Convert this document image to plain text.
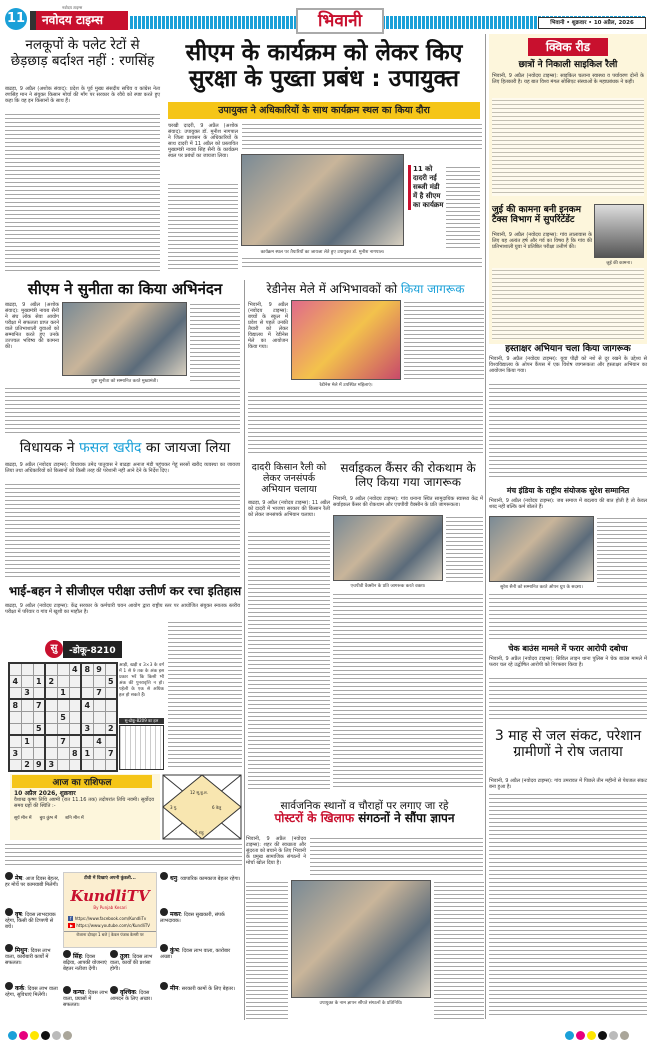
11
नवोदय टाइम्स
नवोदय टाइम्स	भिवानी	भिवानी • शुक्रवार • 10 अप्रैल, 2026
नलकूपों के पलेट रेटों से छेड़छाड़ बर्दाश्त नहीं : रणसिंह
बाढड़ा, 9 अप्रैल (अशोक संवाद): प्रदेश के पूर्व मुख्य संसदीय सचिव व कांग्रेस नेता रणसिंह मान ने संयुक्त किसान मोर्चा की माँग पर सरकार के रवैये को स्पष्ट करते हुए कहा कि वह इन किसानों के साथ हैं।
सीएम के कार्यक्रम को लेकर किए सुरक्षा के पुख्ता प्रबंध : उपायुक्त
उपायुक्त ने अधिकारियों के साथ कार्यक्रम स्थल का किया दौरा
चरखी दादरी, 9 अप्रैल (अशोक संवाद): उपायुक्त डॉ. मुनीश नागपाल ने जिला प्रशासन के अधिकारियों के साथ दादरी में 11 अप्रैल को प्रस्तावित मुख्यमंत्री नायब सिंह सैनी के कार्यक्रम स्थल पर प्रबंधों का जायजा लिया।
कार्यक्रम स्थल पर तैयारियों का जायजा लेते हुए उपायुक्त डॉ. मुनीश नागपाल।
11 को दादरी नई सब्जी मंडी में है सीएम का कार्यक्रम
क्विक रीड
छात्रों ने निकाली साइकिल रैली
भिवानी, 9 अप्रैल (नवोदय टाइम्स): साइकिल चलाना स्वास्थ्य व पर्यावरण दोनों के लिए हितकारी है। यह बात विश्व मंगल सोसिएट संस्थाओं के महाप्रबंधक ने कही।
जुई की कामना बनी इनकम टैक्स विभाग में सुपरिंटेंडेंट
जुई की कामना।
भिवानी, 9 अप्रैल (नवोदय टाइम्स): गांव लालावास के लिए यह अत्यंत हर्ष और गर्व का विषय है कि गांव की प्रतिभाशाली युवा ने प्रतिष्ठित परीक्षा उत्तीर्ण की।
हस्ताक्षर अभियान चला किया जागरूक
भिवानी, 9 अप्रैल (नवोदय टाइम्स): युवा पीढ़ी को नशे से दूर रखने के उद्देश्य से विश्वविद्यालय के ओपन कैंपस में एक विशेष जागरूकता और हस्ताक्षर अभियान का आयोजन किया गया।
मंच इंडिया के राष्ट्रीय संयोजक सुरेश सम्मानित
भिवानी, 9 अप्रैल (नवोदय टाइम्स): जब समाज में बदलाव की बात होती है तो केवल शब्द नहीं बल्कि कर्म बोलते हैं।
सुरेश सैनी को सम्मानित करते ओपन ग्रुप के सदस्य।
चेक बाउंस मामले में फरार आरोपी दबोचा
भिवानी, 9 अप्रैल (नवोदय टाइम्स): सिविल लाइन थाना पुलिस ने चेक बाउंस मामले में फरार चल रहे उद्घोषित आरोपी को गिरफ्तार किया है।
3 माह से जल संकट, परेशान ग्रामीणों ने रोष जताया
भिवानी, 9 अप्रैल (नवोदय टाइम्स): गांव उमरावत में पिछले तीन महीनों से पेयजल संकट बना हुआ है।
सीएम ने सुनीता का किया अभिनंदन
बाढड़ा, 9 अप्रैल (अशोक संवाद): मुख्यमंत्री नायब सैनी ने संघ लोक सेवा आयोग परीक्षा में सफलता प्राप्त करने वाले प्रतिभाशाली युवाओं को सम्मानित करते हुए उनके उज्ज्वल भविष्य की कामना की।
युवा सुनीता को सम्मानित करते मुख्यमंत्री।
रेडीनेस मेले में अभिभावकों को किया जागरूक
भिवानी, 9 अप्रैल (नवोदय टाइम्स): बच्चों के स्कूल में प्रवेश से पहले उनकी तैयारी को लेकर विद्यालय में रेडीनेस मेले का आयोजन किया गया।
रेडीनेस मेले में उपस्थित महिलाएं।
विधायक ने फसल खरीद का जायजा लिया
बाढड़ा, 9 अप्रैल (नवोदय टाइम्स): विधायक उमेद पातुवास ने बाढड़ा अनाज मंडी पहुंचकर गेहूं सरसों खरीद व्यवस्था का जायजा लिया तथा अधिकारियों को किसानों को किसी तरह की परेशानी नहीं आने देने के निर्देश दिए।	दादरी किसान रैली को लेकर जनसंपर्क अभियान चलाया
बाढड़ा, 9 अप्रैल (नवोदय टाइम्स): 11 अप्रैल को दादरी में भाजपा सरकार की किसान रैली को लेकर जनसंपर्क अभियान चलाया।
सर्वाइकल कैंसर की रोकथाम के लिए किया गया जागरूक
भिवानी, 9 अप्रैल (नवोदय टाइम्स): गांव धनाना स्थित सामुदायिक स्वास्थ्य केंद्र में सर्वाइकल कैंसर की रोकथाम और एचपीवी वैक्सीन के प्रति जागरूकता।
एचपीवी वैक्सीन के प्रति जागरूक करते वक्ता।
भाई-बहन ने सीजीएल परीक्षा उत्तीर्ण कर रचा इतिहास
बाढड़ा, 9 अप्रैल (नवोदय टाइम्स): केंद्र सरकार के कर्मचारी चयन आयोग द्वारा राष्ट्रीय स्तर पर आयोजित संयुक्त स्नातक स्तरीय परीक्षा में परिवार व गांव में खुशी का माहौल है।
सु	-डोकू-8210
					4	8	9	
4		1	2					5
	3			1			7	
8		7				4		
				5				
		5				3		2
	1			7			4	
3					8	1		7
	2	9	3					
आड़ी, खड़ी व 3×3 के वर्ग में 1 से 9 तक के अंक इस प्रकार भरें कि किसी भी अंक की पुनरावृत्ति न हो। पहेली के एक से अधिक हल हो सकते हैं।
सु-डोकू-8209 का हल
आज का राशिफल
10 अप्रैल 2026, शुक्रवार
वैशाख कृष्ण तिथि अष्टमी (रात 11.16 तक) तदोपरांत तिथि नवमी। सूर्योदय समय ग्रहों की स्थिति :-
सूर्य मीन में बुध कुंभ में शनि मीन में
12 सू.बु.श.
3 गु.	6 केतु
5 राहु
मेष: आज दिवस बेहतर, हर मोर्चे पर कामयाबी मिलेगी।
वृष: दिवस लाभदायक रहेगा, किसी की टिप्पणी से बचें।
मिथुन: दिवस लाभ वाला, कारोबारी कार्यों में सफलता।
कर्क: दिवस लाभ वाला रहेगा, सुविधाएं मिलेंगी।
सिंह: दिवस बढ़िया, आपकी योजनाएं बेहतर नतीजा देंगी।
कन्या: दिवस लाभ वाला, प्रयासों में सफलता।
तुला: दिवस लाभ वाला, कार्यों की प्रशंसा होगी।
वृश्चिक: दिवस आमदन के लिए अच्छा।
धनु: व्यापारिक कामकाज बेहतर रहेगा।
मकर: दिवस सुखकारी, संपर्क लाभदायक।
कुंभ: दिवस लाभ वाला, कारोबार अच्छा।
मीन: सरकारी कामों के लिए बेहतर।
टीवी में दिखाएं अपनी कुंडली...
KundliTV
By Punjab Kesari
f https://www.facebook.com/KundliTv
▶ https://www.youtube.com/c/KundliTV
रोजाना दोपहर 1 बजे | केवल पंजाब केसरी पर
सार्वजनिक स्थानों व चौराहों पर लगाए जा रहे
पोस्टरों के खिलाफ संगठनों ने सौंपा ज्ञापन
भिवानी, 9 अप्रैल (नवोदय टाइम्स): शहर की स्वच्छता और सुंदरता को बचाने के लिए भिवानी के प्रमुख सामाजिक संगठनों ने मोर्चा खोल दिया है।
उपायुक्त के नाम ज्ञापन सौंपते संगठनों के प्रतिनिधि।
